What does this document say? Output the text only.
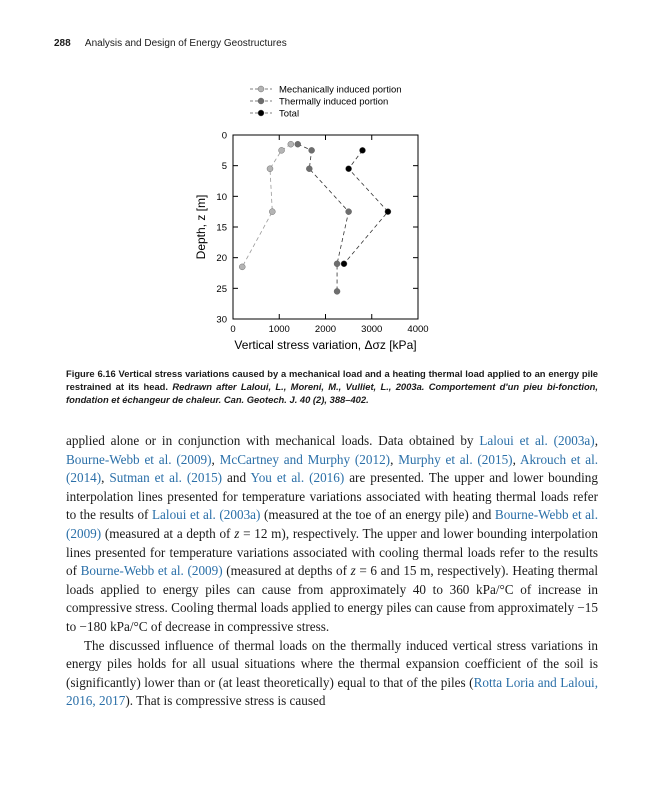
288 Analysis and Design of Energy Geostructures
Mechanically induced portion
Thermally induced portion
Total
0	1000	2000	3000	4000
0
5
10
15
20
25
30
Vertical stress variation, Δσz [kPa]
Depth, z [m]
Figure 6.16 Vertical stress variations caused by a mechanical load and a heating thermal load applied to an energy pile restrained at its head. Redrawn after Laloui, L., Moreni, M., Vulliet, L., 2003a. Comportement d'un pieu bi-fonction, fondation et échangeur de chaleur. Can. Geotech. J. 40 (2), 388–402.

applied alone or in conjunction with mechanical loads. Data obtained by Laloui et al. (2003a), Bourne-Webb et al. (2009), McCartney and Murphy (2012), Murphy et al. (2015), Akrouch et al. (2014), Sutman et al. (2015) and You et al. (2016) are presented. The upper and lower bounding interpolation lines presented for temperature variations associated with heating thermal loads refer to the results of Laloui et al. (2003a) (measured at the toe of an energy pile) and Bourne-Webb et al. (2009) (measured at a depth of z = 12 m), respectively. The upper and lower bounding interpolation lines presented for temperature variations associated with cooling thermal loads refer to the results of Bourne-Webb et al. (2009) (measured at depths of z = 6 and 15 m, respectively). Heating thermal loads applied to energy piles can cause from approximately 40 to 360 kPa/°C of increase in compressive stress. Cooling thermal loads applied to energy piles can cause from approximately −15 to −180 kPa/°C of decrease in compressive stress.

The discussed influence of thermal loads on the thermally induced vertical stress variations in energy piles holds for all usual situations where the thermal expansion coefficient of the soil is (significantly) lower than or (at least theoretically) equal to that of the piles (Rotta Loria and Laloui, 2016, 2017). That is compressive stress is caused
